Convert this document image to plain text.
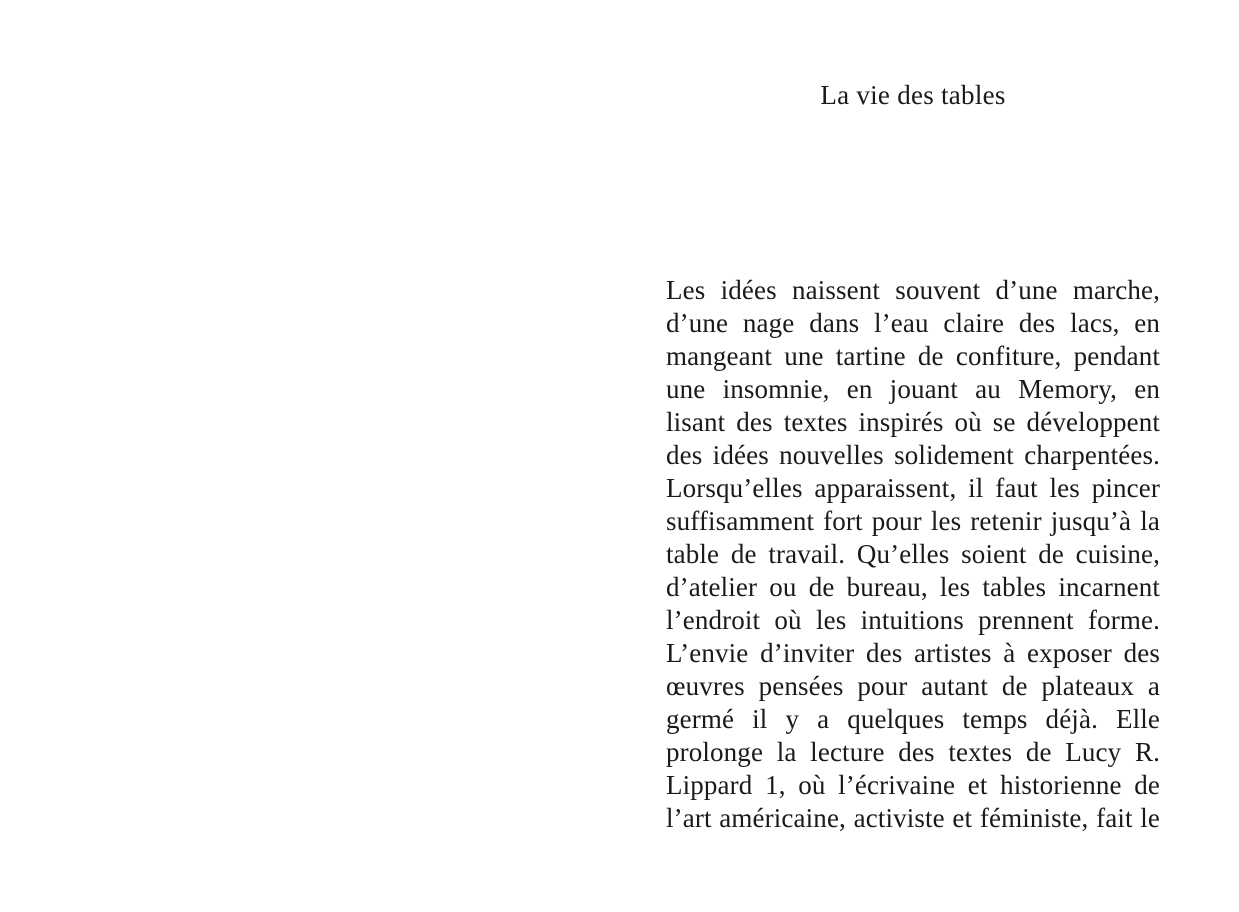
La vie des tables
Les idées naissent souvent d’une marche,
d’une nage dans l’eau claire des lacs, en
mangeant une tartine de confiture, pendant
une insomnie, en jouant au Memory, en
lisant des textes inspirés où se développent
des idées nouvelles solidement charpentées.
Lorsqu’elles apparaissent, il faut les pincer
suffisamment fort pour les retenir jusqu’à la
table de travail. Qu’elles soient de cuisine,
d’atelier ou de bureau, les tables incarnent
l’endroit où les intuitions prennent forme.
L’envie d’inviter des artistes à exposer des
œuvres pensées pour autant de plateaux a
germé il y a quelques temps déjà. Elle
prolonge la lecture des textes de Lucy R.
Lippard 1, où l’écrivaine et historienne de
l’art américaine, activiste et féministe, fait le
